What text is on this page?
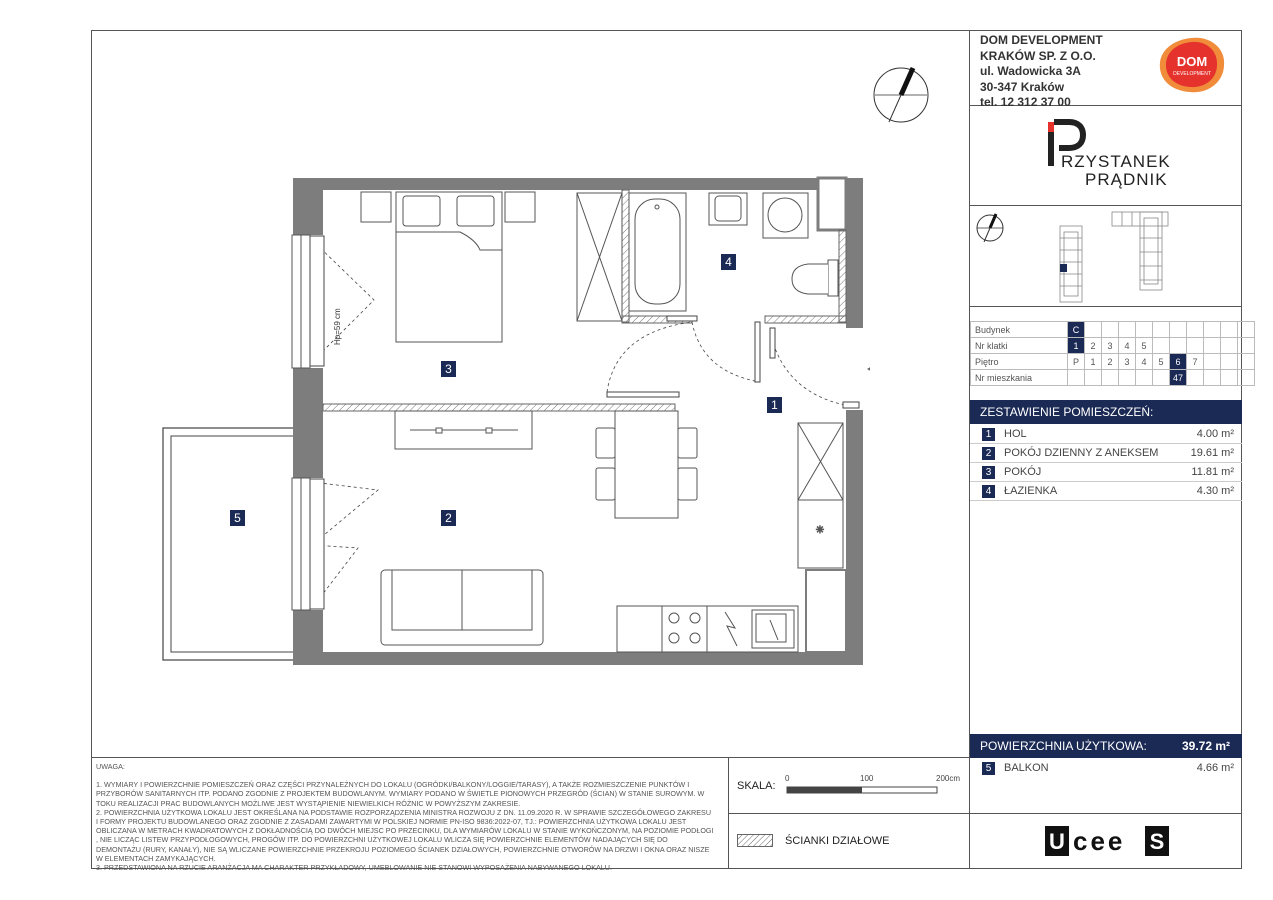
DOM DEVELOPMENT
KRAKÓW SP. Z O.O.
ul. Wadowicka 3A
30-347 Kraków
tel. 12 312 37 00
DOM
DEVELOPMENT
RZYSTANEK
PRĄDNIK
Budynek	C										
Nr klatki	1	2	3	4	5						
Piętro	P	1	2	3	4	5	6	7			
Nr mieszkania							47				
ZESTAWIENIE POMIESZCZEŃ:
1	HOL	4.00 m²
2	POKÓJ DZIENNY Z ANEKSEM	19.61 m²
3	POKÓJ	11.81 m²
4	ŁAZIENKA	4.30 m²
POWIERZCHNIA UŻYTKOWA:	39.72 m²
5	BALKON	4.66 m²
U cee S
SKALA:
0	100	200cm
ŚCIANKI DZIAŁOWE

UWAGA:

1. WYMIARY I POWIERZCHNIE POMIESZCZEŃ ORAZ CZĘŚCI PRZYNALEŻNYCH DO LOKALU (OGRÓDKI/BALKONY/LOGGIE/TARASY), A TAKŻE ROZMIESZCZENIE PUNKTÓW I PRZYBORÓW SANITARNYCH ITP. PODANO ZGODNIE Z PROJEKTEM BUDOWLANYM. WYMIARY PODANO W ŚWIETLE PIONOWYCH PRZEGRÓD (ŚCIAN) W STANIE SUROWYM. W TOKU REALIZACJI PRAC BUDOWLANYCH MOŻLIWE JEST WYSTĄPIENIE NIEWIELKICH RÓŻNIC W POWYŻSZYM ZAKRESIE.

2. POWIERZCHNIA UŻYTKOWA LOKALU JEST OKREŚLANA NA PODSTAWIE ROZPORZĄDZENIA MINISTRA ROZWOJU Z DN. 11.09.2020 R. W SPRAWIE SZCZEGÓŁOWEGO ZAKRESU I FORMY PROJEKTU BUDOWLANEGO ORAZ ZGODNIE Z ZASADAMI ZAWARTYMI W POLSKIEJ NORMIE PN-ISO 9836:2022-07, TJ.: POWIERZCHNIA UŻYTKOWA LOKALU JEST OBLICZANA W METRACH KWADRATOWYCH Z DOKŁADNOŚCIĄ DO DWÓCH MIEJSC PO PRZECINKU, DLA WYMIARÓW LOKALU W STANIE WYKOŃCZONYM, NA POZIOMIE PODŁOGI , NIE LICZĄC LISTEW PRZYPODŁOGOWYCH, PROGÓW ITP. DO POWIERZCHNI UŻYTKOWEJ LOKALU WLICZA SIĘ POWIERZCHNIE ELEMENTÓW NADAJĄCYCH SIĘ DO DEMONTAŻU (RURY, KANAŁY), NIE SĄ WLICZANE POWIERZCHNIE PRZEKROJU POZIOMEGO ŚCIANEK DZIAŁOWYCH, POWIERZCHNIE OTWORÓW NA DRZWI I OKNA ORAZ NISZE W ELEMENTACH ZAMYKAJĄCYCH.

3. PRZEDSTAWIONA NA RZUCIE ARANŻACJA MA CHARAKTER PRZYKŁADOWY, UMEBLOWANIE NIE STANOWI WYPOSAŻENIA NABYWANEGO LOKALU.

✳
Hp=59 cm
1
2
3
4
5
